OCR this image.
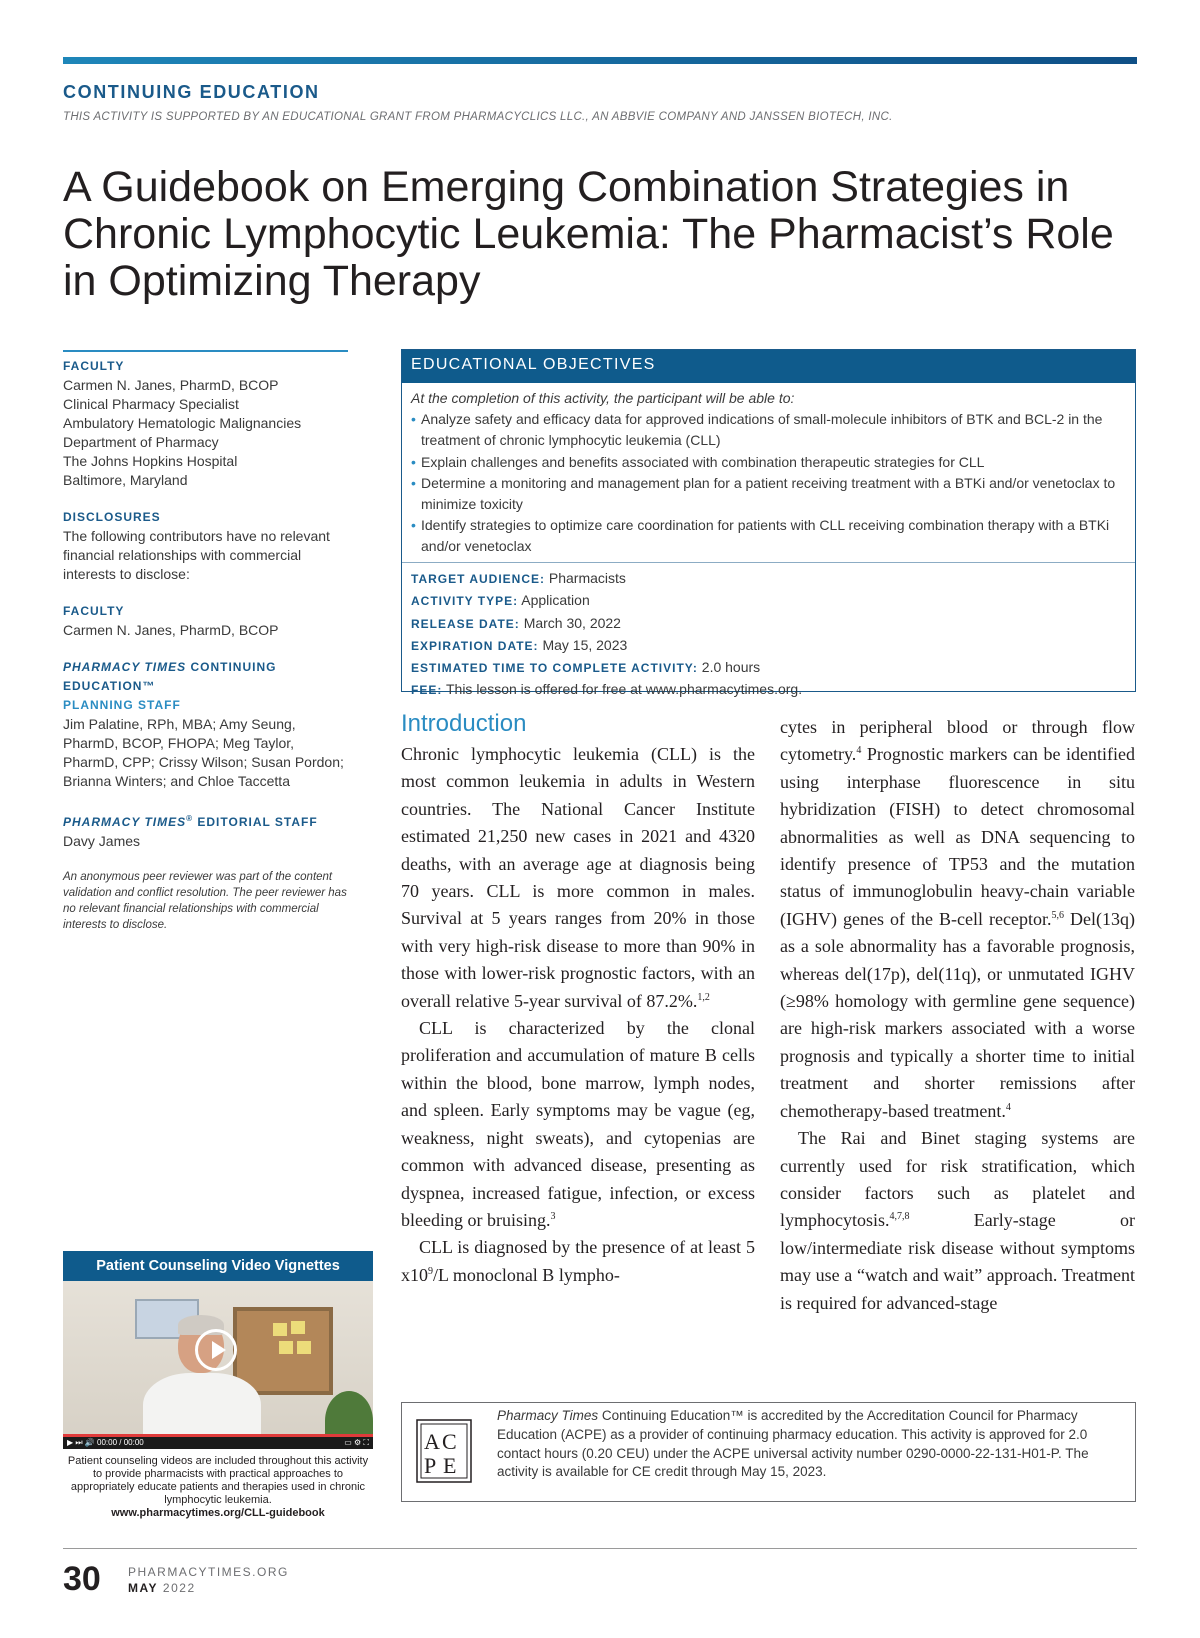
CONTINUING EDUCATION
THIS ACTIVITY IS SUPPORTED BY AN EDUCATIONAL GRANT FROM PHARMACYCLICS LLC., AN ABBVIE COMPANY AND JANSSEN BIOTECH, INC.
A Guidebook on Emerging Combination Strategies in Chronic Lymphocytic Leukemia: The Pharmacist’s Role in Optimizing Therapy
FACULTY
Carmen N. Janes, PharmD, BCOP
Clinical Pharmacy Specialist
Ambulatory Hematologic Malignancies
Department of Pharmacy
The Johns Hopkins Hospital
Baltimore, Maryland
DISCLOSURES
The following contributors have no relevant financial relationships with commercial interests to disclose:
FACULTY
Carmen N. Janes, PharmD, BCOP
PHARMACY TIMES CONTINUING EDUCATION™
PLANNING STAFF
Jim Palatine, RPh, MBA; Amy Seung, PharmD, BCOP, FHOPA; Meg Taylor, PharmD, CPP; Crissy Wilson; Susan Pordon; Brianna Winters; and Chloe Taccetta
PHARMACY TIMES® EDITORIAL STAFF
Davy James
An anonymous peer reviewer was part of the content validation and conflict resolution. The peer reviewer has no relevant financial relationships with commercial interests to disclose.
EDUCATIONAL OBJECTIVES
At the completion of this activity, the participant will be able to:
• Analyze safety and efficacy data for approved indications of small-molecule inhibitors of BTK and BCL-2 in the treatment of chronic lymphocytic leukemia (CLL)
• Explain challenges and benefits associated with combination therapeutic strategies for CLL
• Determine a monitoring and management plan for a patient receiving treatment with a BTKi and/or venetoclax to minimize toxicity
• Identify strategies to optimize care coordination for patients with CLL receiving combination therapy with a BTKi and/or venetoclax
TARGET AUDIENCE: Pharmacists
ACTIVITY TYPE: Application
RELEASE DATE: March 30, 2022
EXPIRATION DATE: May 15, 2023
ESTIMATED TIME TO COMPLETE ACTIVITY: 2.0 hours
FEE: This lesson is offered for free at www.pharmacytimes.org.
Introduction

Chronic lymphocytic leukemia (CLL) is the most common leukemia in adults in Western countries. The National Cancer Institute estimated 21,250 new cases in 2021 and 4320 deaths, with an average age at diagnosis being 70 years. CLL is more common in males. Survival at 5 years ranges from 20% in those with very high-risk disease to more than 90% in those with lower-risk prognostic factors, with an overall relative 5-year survival of 87.2%.$^{1,2}$

CLL is characterized by the clonal proliferation and accumulation of mature B cells within the blood, bone marrow, lymph nodes, and spleen. Early symptoms may be vague (eg, weakness, night sweats), and cytopenias are common with advanced disease, presenting as dyspnea, increased fatigue, infection, or excess bleeding or bruising.$^3$

CLL is diagnosed by the presence of at least 5 $x10^9/L$ monoclonal B lympho-

cytes in peripheral blood or through flow cytometry.$^4$ Prognostic markers can be identified using interphase fluorescence in situ hybridization (FISH) to detect chromosomal abnormalities as well as DNA sequencing to identify presence of TP53 and the mutation status of immunoglobulin heavy-chain variable (IGHV) genes of the B-cell receptor.$^{5,6}$ Del(13q) as a sole abnormality has a favorable prognosis, whereas del(17p), del(11q), or unmutated IGHV (≥98% homology with germline gene sequence) are high-risk markers associated with a worse prognosis and typically a shorter time to initial treatment and shorter remissions after chemotherapy-based treatment.$^4$

The Rai and Binet staging systems are currently used for risk stratification, which consider factors such as platelet and lymphocytosis.$^{4,7,8}$ Early-stage or low/intermediate risk disease without symptoms may use a “watch and wait” approach. Treatment is required for advanced-stage

A C
P E
Pharmacy Times Continuing Education™ is accredited by the Accreditation Council for Pharmacy Education (ACPE) as a provider of continuing pharmacy education. This activity is approved for 2.0 contact hours (0.20 CEU) under the ACPE universal activity number 0290-0000-22-131-H01-P. The activity is available for CE credit through May 15, 2023.
Patient Counseling Video Vignettes
▶ ⏭ 🔊 00:00 / 00:00	▭ ⚙ ⛶
Patient counseling videos are included throughout this activity to provide pharmacists with practical approaches to appropriately educate patients and therapies used in chronic lymphocytic leukemia.
www.pharmacytimes.org/CLL-guidebook
30 PHARMACYTIMES.ORG
MAY 2022
